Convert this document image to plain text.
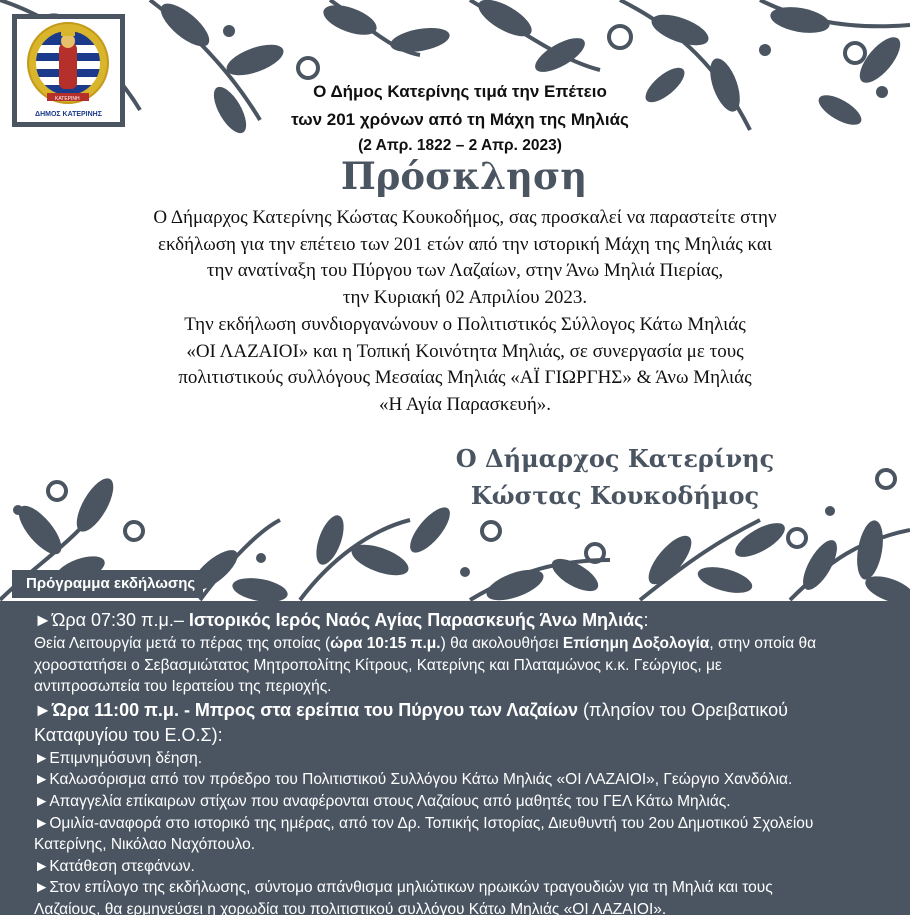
ΚΑΤΕΡΙΝΗ
ΔΗΜΟΣ ΚΑΤΕΡΙΝΗΣ
Ο Δήμος Κατερίνης τιμά την Επέτειο
των 201 χρόνων από τη Μάχη της Μηλιάς
(2 Απρ. 1822 – 2 Απρ. 2023)
Πρόσκληση
Ο Δήμαρχος Κατερίνης Κώστας Κουκοδήμος, σας προσκαλεί να παραστείτε στην
εκδήλωση για την επέτειο των 201 ετών από την ιστορική Μάχη της Μηλιάς και
την ανατίναξη του Πύργου των Λαζαίων, στην Άνω Μηλιά Πιερίας,
την Κυριακή 02 Απριλίου 2023.
Την εκδήλωση συνδιοργανώνουν ο Πολιτιστικός Σύλλογος Κάτω Μηλιάς
«ΟΙ ΛΑΖΑΙΟΙ» και η Τοπική Κοινότητα Μηλιάς, σε συνεργασία με τους
πολιτιστικούς συλλόγους Μεσαίας Μηλιάς «ΑΪ ΓΙΩΡΓΗΣ» & Άνω Μηλιάς
«Η Αγία Παρασκευή».
Ο Δήμαρχος Κατερίνης
Κώστας Κουκοδήμος
Πρόγραμμα εκδήλωσης
►Ώρα 07:30 π.μ.– Ιστορικός Ιερός Ναός Αγίας Παρασκευής Άνω Μηλιάς:
Θεία Λειτουργία μετά το πέρας της οποίας (ώρα 10:15 π.μ.) θα ακολουθήσει Επίσημη Δοξολογία, στην οποία θα
χοροστατήσει ο Σεβασμιώτατος Μητροπολίτης Κίτρους, Κατερίνης και Πλαταμώνος κ.κ. Γεώργιος, με
αντιπροσωπεία του Ιερατείου της περιοχής.
►Ώρα 11:00 π.μ. - Μπρος στα ερείπια του Πύργου των Λαζαίων (πλησίον του Ορειβατικού
Καταφυγίου του Ε.Ο.Σ):
►Επιμνημόσυνη δέηση.
►Καλωσόρισμα από τον πρόεδρο του Πολιτιστικού Συλλόγου Κάτω Μηλιάς «ΟΙ ΛΑΖΑΙΟΙ», Γεώργιο Χανδόλια.
►Απαγγελία επίκαιρων στίχων που αναφέρονται στους Λαζαίους από μαθητές του ΓΕΛ Κάτω Μηλιάς.
►Ομιλία-αναφορά στο ιστορικό της ημέρας, από τον Δρ. Τοπικής Ιστορίας, Διευθυντή του 2ου Δημοτικού Σχολείου
Κατερίνης, Νικόλαο Ναχόπουλο.
►Κατάθεση στεφάνων.
►Στον επίλογο της εκδήλωσης, σύντομο απάνθισμα μηλιώτικων ηρωικών τραγουδιών για τη Μηλιά και τους
Λαζαίους, θα ερμηνεύσει η χορωδία του πολιτιστικού συλλόγου Κάτω Μηλιάς «ΟΙ ΛΑΖΑΙΟΙ».
